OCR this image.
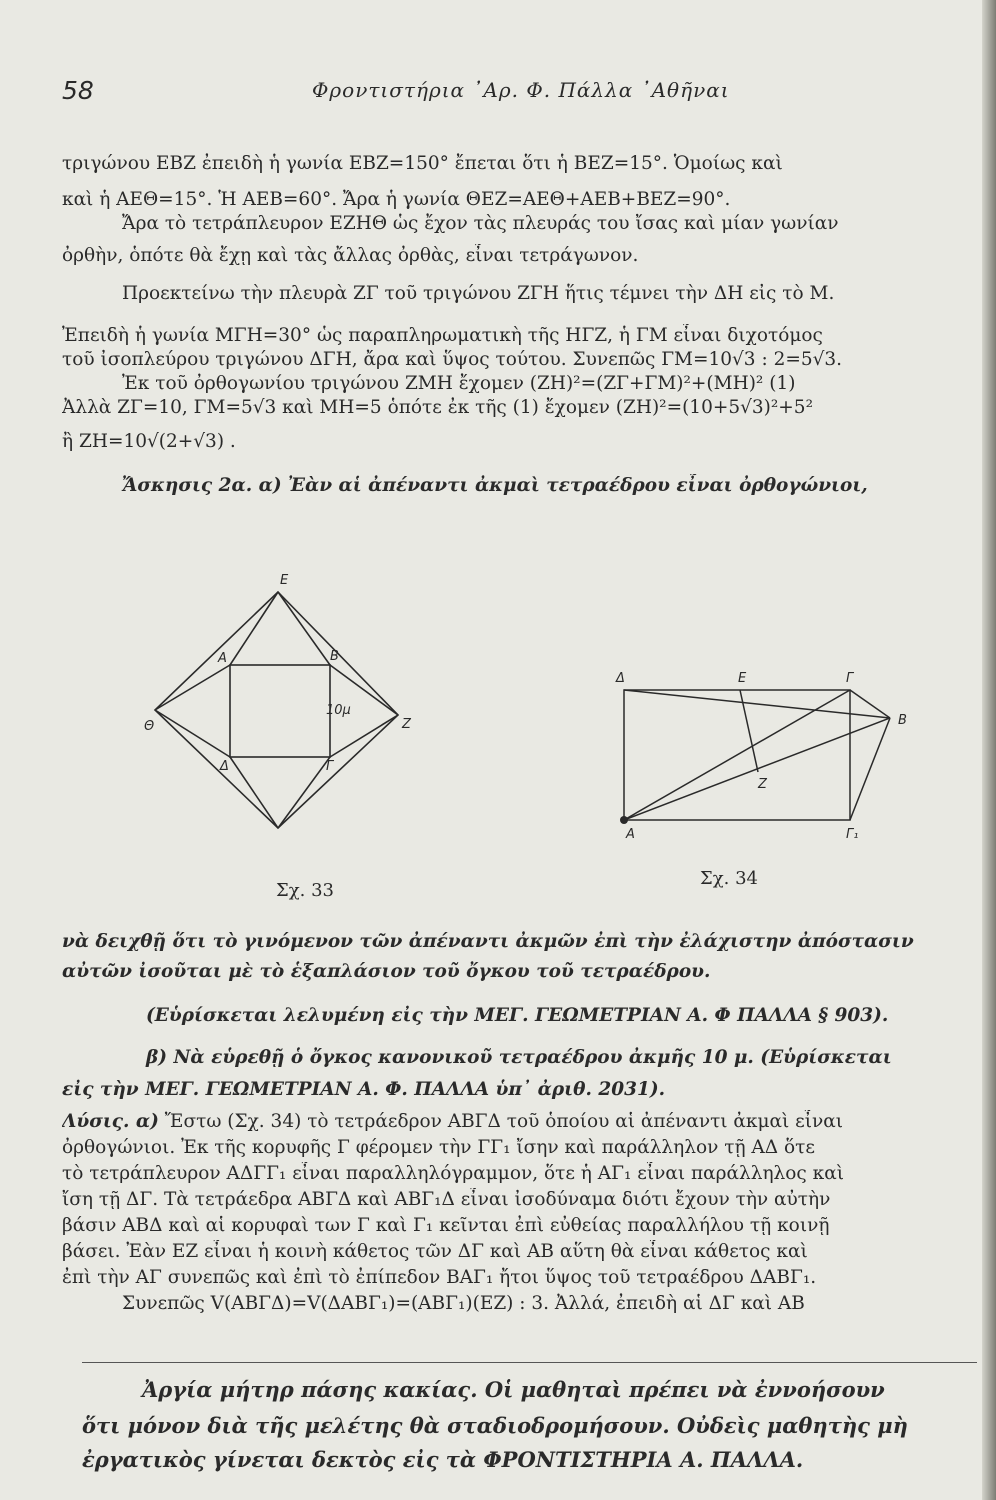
58	Φροντιστήρια ᾿Αρ. Φ. Πάλλα ᾿Αθῆναι
τριγώνου ΕΒΖ ἐπειδὴ ἡ γωνία ΕΒΖ=150° ἔπεται ὅτι ἡ ΒΕΖ=15°. Ὁμοίως καὶ
καὶ ἡ ΑΕΘ=15°. Ἡ ΑΕΒ=60°. Ἄρα ἡ γωνία ΘΕΖ=ΑΕΘ+ΑΕΒ+ΒΕΖ=90°.
Ἄρα τὸ τετράπλευρον ΕΖΗΘ ὡς ἔχον τὰς πλευράς του ἴσας καὶ μίαν γωνίαν
ὀρθὴν, ὁπότε θὰ ἔχῃ καὶ τὰς ἄλλας ὀρθὰς, εἶναι τετράγωνον.
Προεκτείνω τὴν πλευρὰ ΖΓ τοῦ τριγώνου ΖΓΗ ἥτις τέμνει τὴν ΔΗ εἰς τὸ Μ.
Ἐπειδὴ ἡ γωνία ΜΓΗ=30° ὡς παραπληρωματικὴ τῆς ΗΓΖ, ἡ ΓΜ εἶναι διχοτόμος
τοῦ ἰσοπλεύρου τριγώνου ΔΓΗ, ἄρα καὶ ὕψος τούτου. Συνεπῶς ΓΜ=10√3 : 2=5√3.
Ἐκ τοῦ ὀρθογωνίου τριγώνου ΖΜΗ ἔχομεν (ΖΗ)²=(ΖΓ+ΓΜ)²+(ΜΗ)² (1)
Ἀλλὰ ΖΓ=10, ΓΜ=5√3 καὶ ΜΗ=5 ὁπότε ἐκ τῆς (1) ἔχομεν (ΖΗ)²=(10+5√3)²+5²
ἢ ΖΗ=10√(2+√3) .
Ἄσκησις 2α. α) Ἐὰν αἱ ἀπέναντι ἀκμαὶ τετραέδρου εἶναι ὀρθογώνιοι,
E
A	B
Θ	Z
Δ	Γ
10μ
Σχ. 33
Δ	E	Γ
B
Z
A	Γ₁
Σχ. 34
νὰ δειχθῇ ὅτι τὸ γινόμενον τῶν ἀπέναντι ἀκμῶν ἐπὶ τὴν ἐλάχιστην ἀπόστασιν
αὐτῶν ἰσοῦται μὲ τὸ ἑξαπλάσιον τοῦ ὄγκου τοῦ τετραέδρου.
(Εὑρίσκεται λελυμένη εἰς τὴν ΜΕΓ. ΓΕΩΜΕΤΡΙΑΝ Α. Φ ΠΑΛΛΑ § 903).
β) Νὰ εὑρεθῇ ὁ ὄγκος κανονικοῦ τετραέδρου ἀκμῆς 10 μ. (Εὑρίσκεται
εἰς τὴν ΜΕΓ. ΓΕΩΜΕΤΡΙΑΝ Α. Φ. ΠΑΛΛΑ ὑπ᾿ ἀριθ. 2031).
Λύσις. α) Ἔστω (Σχ. 34) τὸ τετράεδρον ΑΒΓΔ τοῦ ὁποίου αἱ ἀπέναντι ἀκμαὶ εἶναι
ὀρθογώνιοι. Ἐκ τῆς κορυφῆς Γ φέρομεν τὴν ΓΓ₁ ἴσην καὶ παράλληλον τῇ ΑΔ ὅτε
τὸ τετράπλευρον ΑΔΓΓ₁ εἶναι παραλληλόγραμμον, ὅτε ἡ ΑΓ₁ εἶναι παράλληλος καὶ
ἴση τῇ ΔΓ. Τὰ τετράεδρα ΑΒΓΔ καὶ ΑΒΓ₁Δ εἶναι ἰσοδύναμα διότι ἔχουν τὴν αὐτὴν
βάσιν ΑΒΔ καὶ αἱ κορυφαὶ των Γ καὶ Γ₁ κεῖνται ἐπὶ εὐθείας παραλλήλου τῇ κοινῇ
βάσει. Ἐὰν ΕΖ εἶναι ἡ κοινὴ κάθετος τῶν ΔΓ καὶ ΑΒ αὕτη θὰ εἶναι κάθετος καὶ
ἐπὶ τὴν ΑΓ συνεπῶς καὶ ἐπὶ τὸ ἐπίπεδον ΒΑΓ₁ ἤτοι ὕψος τοῦ τετραέδρου ΔΑΒΓ₁.
Συνεπῶς V(ΑΒΓΔ)=V(ΔΑΒΓ₁)=(ΑΒΓ₁)(ΕΖ) : 3. Ἀλλά, ἐπειδὴ αἱ ΔΓ καὶ ΑΒ
Ἀργία μήτηρ πάσης κακίας. Οἱ μαθηταὶ πρέπει νὰ ἐννοήσουν
ὅτι μόνον διὰ τῆς μελέτης θὰ σταδιοδρομήσουν. Οὐδεὶς μαθητὴς μὴ
ἐργατικὸς γίνεται δεκτὸς εἰς τὰ ΦΡΟΝΤΙΣΤΗΡΙΑ Α. ΠΑΛΛΑ.
